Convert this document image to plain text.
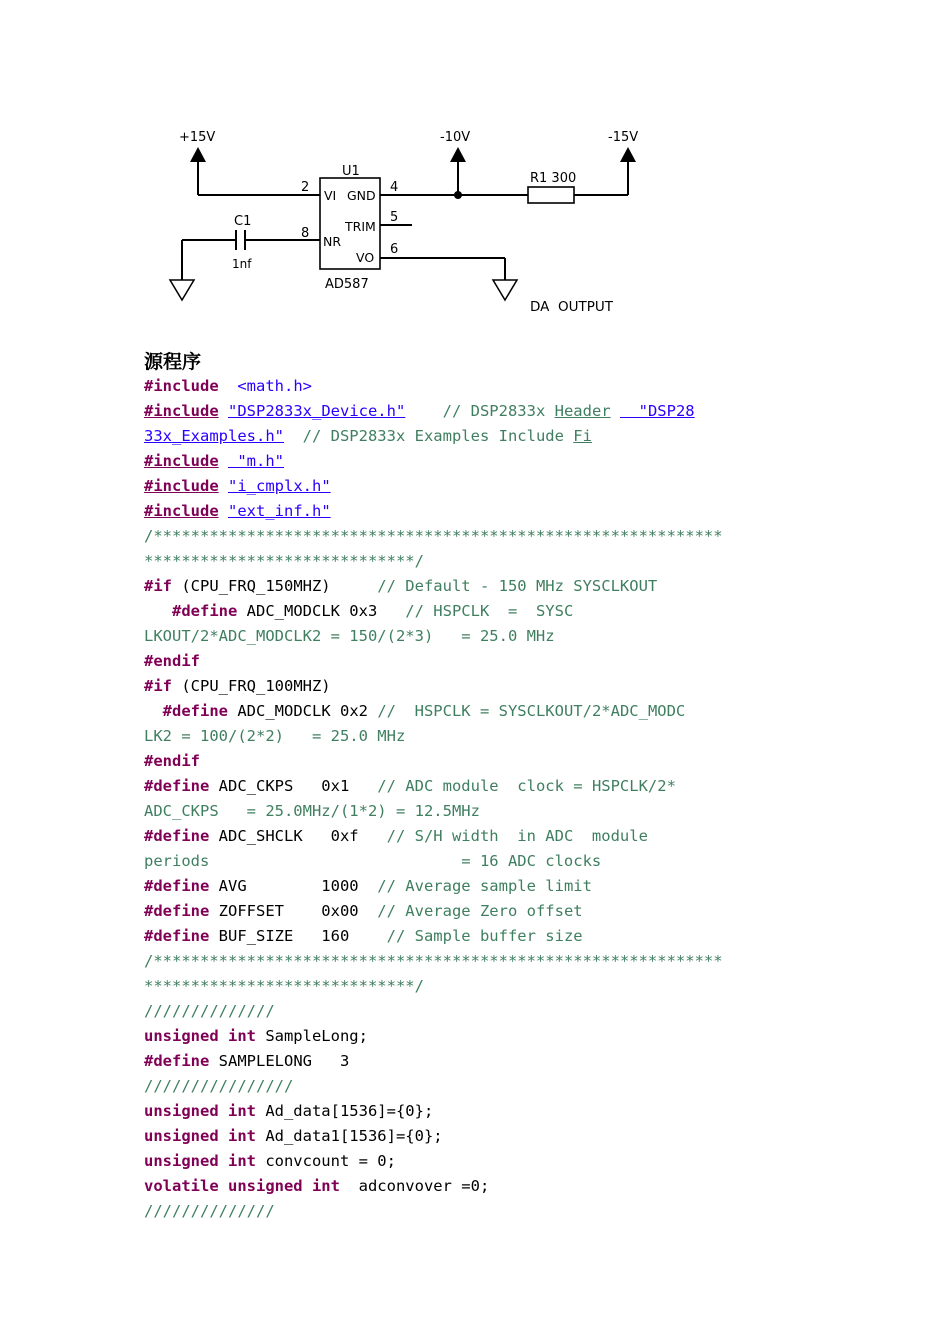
+15V	-10V	-15V
U1
AD587
VI GND
TRIM
NR
VO
2	4
5
8
6
C1
1nf
R1 300
DA  OUTPUT
源程序
#include <math.h>
#include "DSP2833x_Device.h" // DSP2833x Header   "DSP28
33x_Examples.h"  // DSP2833x Examples Include Fi
#include  "m.h"
#include "i_cmplx.h"
#include "ext_inf.h"
/*************************************************************
*****************************/
#if (CPU_FRQ_150MHZ)     // Default - 150 MHz SYSCLKOUT
#define ADC_MODCLK 0x3   // HSPCLK  =  SYSC
LKOUT/2*ADC_MODCLK2 = 150/(2*3)   = 25.0 MHz
#endif
#if (CPU_FRQ_100MHZ)
#define ADC_MODCLK 0x2 //  HSPCLK = SYSCLKOUT/2*ADC_MODC
LK2 = 100/(2*2)   = 25.0 MHz
#endif
#define ADC_CKPS   0x1   // ADC module  clock = HSPCLK/2*
ADC_CKPS   = 25.0MHz/(1*2) = 12.5MHz
#define ADC_SHCLK   0xf   // S/H width  in ADC  module
periods                           = 16 ADC clocks
#define AVG        1000  // Average sample limit
#define ZOFFSET    0x00  // Average Zero offset
#define BUF_SIZE   160    // Sample buffer size
/*************************************************************
*****************************/
//////////////
unsigned int SampleLong;
#define SAMPLELONG   3
////////////////
unsigned int Ad_data[1536]={0};
unsigned int Ad_data1[1536]={0};
unsigned int convcount = 0;
volatile unsigned int  adconvover =0;
//////////////
